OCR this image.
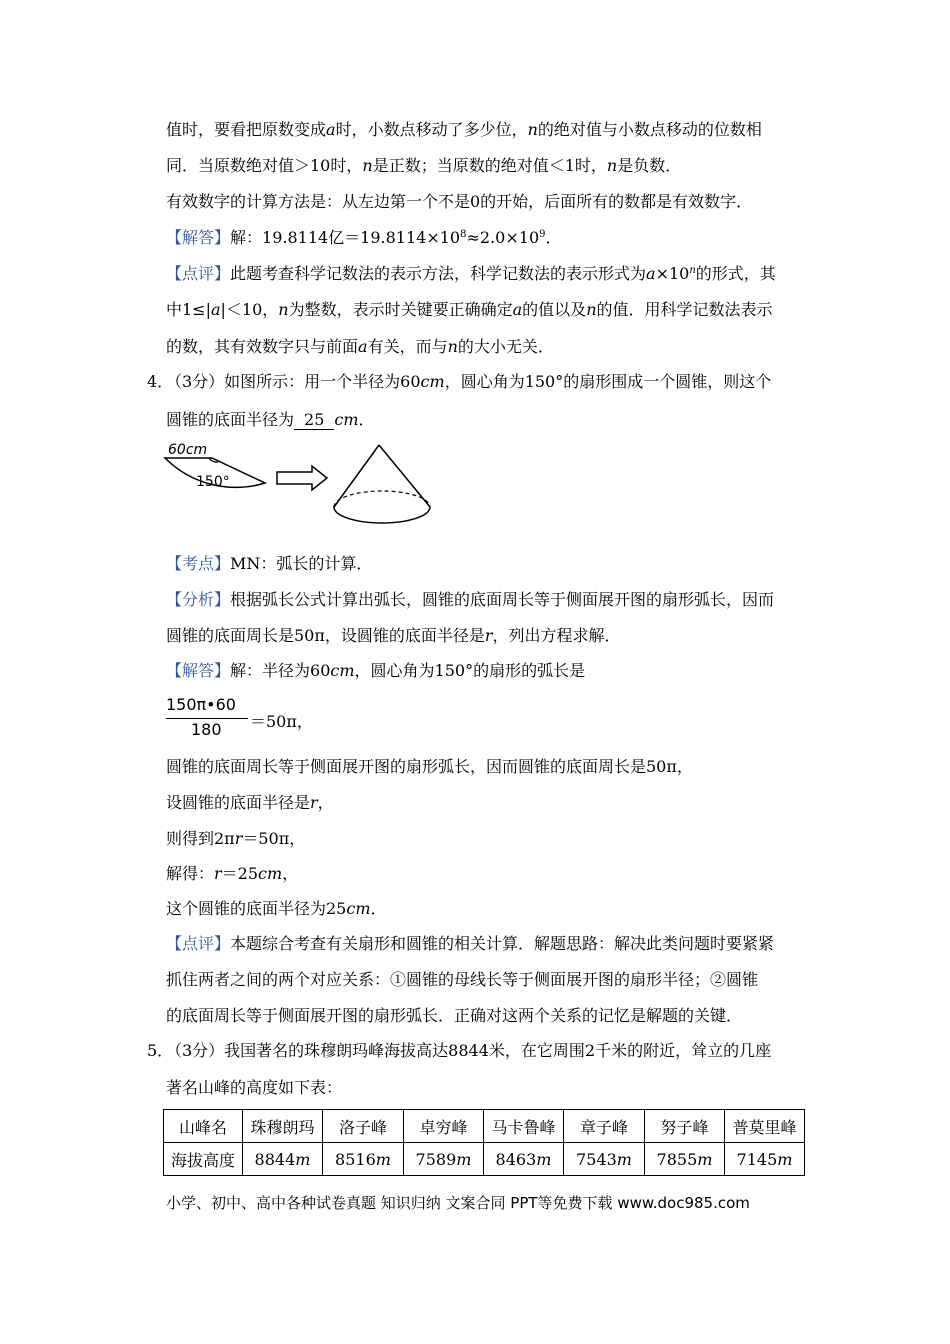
值时，要看把原数变成a时，小数点移动了多少位，n的绝对值与小数点移动的位数相
同．当原数绝对值＞10时，n是正数；当原数的绝对值＜1时，n是负数．
有效数字的计算方法是：从左边第一个不是0的开始，后面所有的数都是有效数字．
【解答】解：19.8114亿$=19.8114\times 10^8\approx 2.0\times 10^9$．
【点评】此题考查科学记数法的表示方法，科学记数法的表示形式为$a\times 10^n$的形式，其
中1≤|a|＜10，n为整数，表示时关键要正确确定a的值以及n的值．用科学记数法表示
的数，其有效数字只与前面a有关，而与n的大小无关．
4．
（3分）如图所示：用一个半径为60cm，圆心角为150°的扇形围成一个圆锥，则这个
圆锥的底面半径为 25 cm．
60cm
150°
【考点】MN：弧长的计算．
【分析】根据弧长公式计算出弧长，圆锥的底面周长等于侧面展开图的扇形弧长，因而
圆锥的底面周长是50π，设圆锥的底面半径是r，列出方程求解．
【解答】解：半径为60cm，圆心角为150°的扇形的弧长是
150π•60
180 ＝50π，
圆锥的底面周长等于侧面展开图的扇形弧长，因而圆锥的底面周长是50π，
设圆锥的底面半径是r，
则得到2πr＝50π，
解得：r＝25cm，
这个圆锥的底面半径为25cm．
【点评】本题综合考查有关扇形和圆锥的相关计算．解题思路：解决此类问题时要紧紧
抓住两者之间的两个对应关系：①圆锥的母线长等于侧面展开图的扇形半径；②圆锥
的底面周长等于侧面展开图的扇形弧长．正确对这两个关系的记忆是解题的关键．
5．
（3分）我国著名的珠穆朗玛峰海拔高达8844米，在它周围2千米的附近，耸立的几座
著名山峰的高度如下表：
山峰名	珠穆朗玛	洛子峰	卓穷峰	马卡鲁峰	章子峰	努子峰	普莫里峰
海拔高度	8844m	8516m	7589m	8463m	7543m	7855m	7145m
小学、初中、高中各种试卷真题 知识归纳 文案合同 PPT等免费下载 www.doc985.com
